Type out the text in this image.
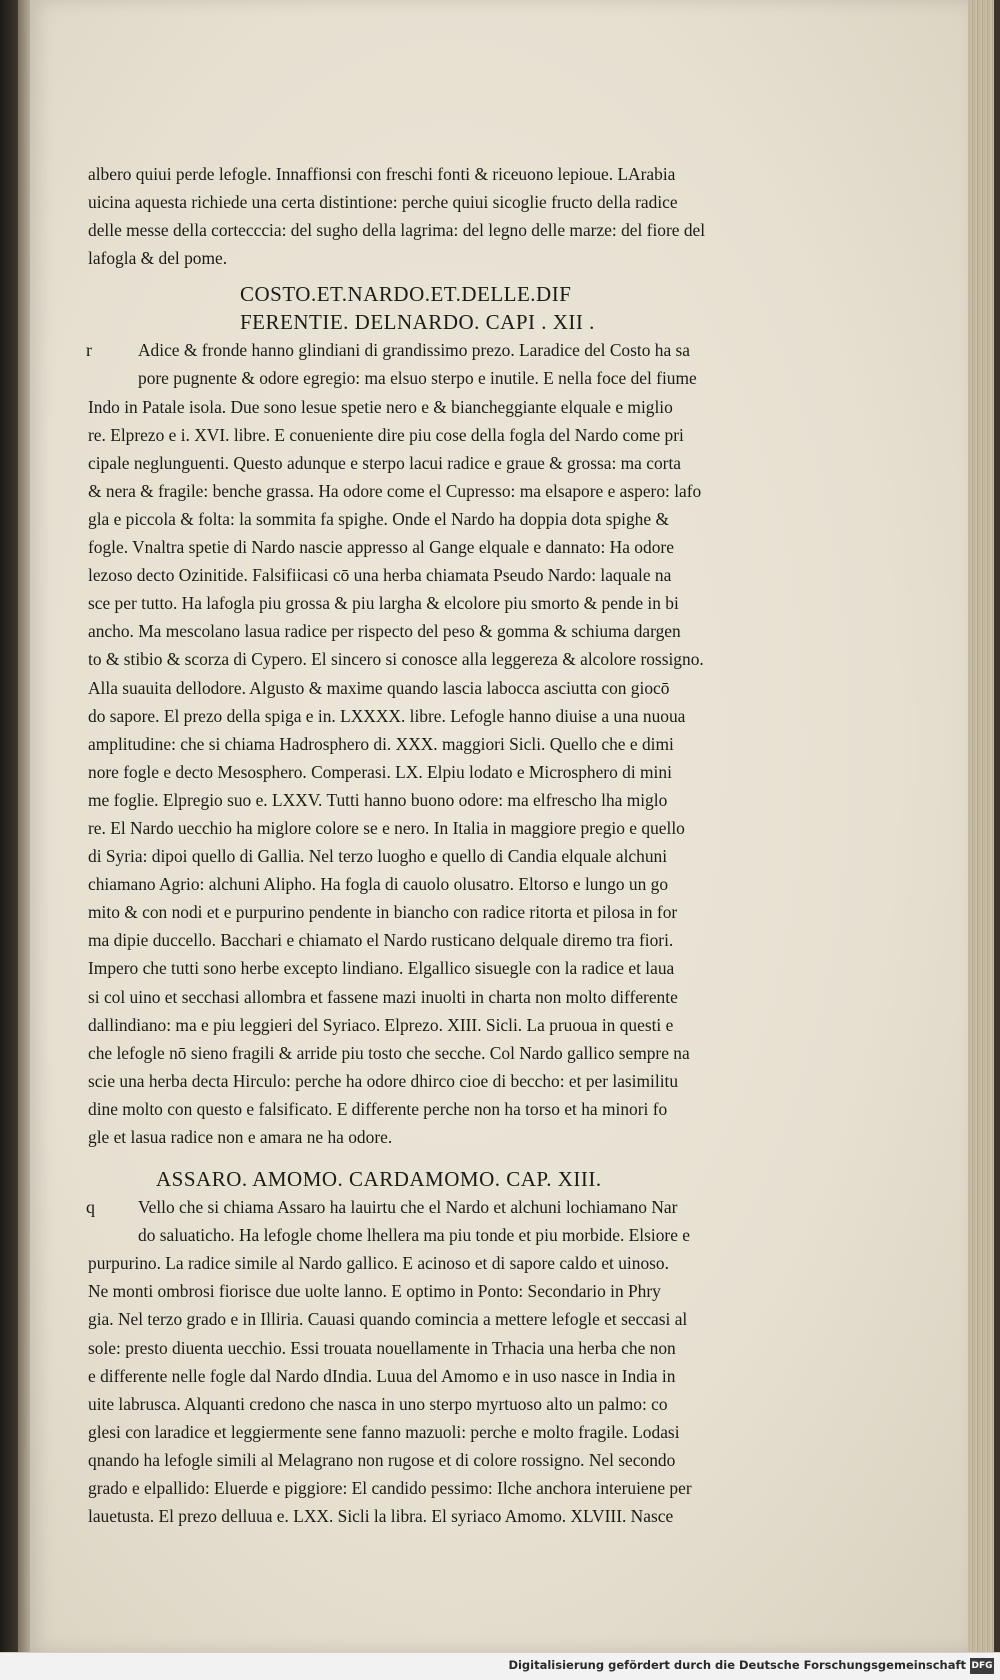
albero quiui perde lefogle. Innaffionsi con freschi fonti & riceuono lepioue. LArabia
uicina aquesta richiede una certa distintione: perche quiui sicoglie fructo della radice
delle messe della cortecccia: del sugho della lagrima: del legno delle marze: del fiore del
lafogla & del pome.
COSTO.ET.NARDO.ET.DELLE.DIF
FERENTIE. DELNARDO. CAPI . XII .
r	Adice & fronde hanno glindiani di grandissimo prezo. Laradice del Costo ha sa
pore pugnente & odore egregio: ma elsuo sterpo e inutile. E nella foce del fiume
Indo in Patale isola. Due sono lesue spetie nero e & biancheggiante elquale e miglio
re. Elprezo e i. XVI. libre. E conueniente dire piu cose della fogla del Nardo come pri
cipale neglunguenti. Questo adunque e sterpo lacui radice e graue & grossa: ma corta
& nera & fragile: benche grassa. Ha odore come el Cupresso: ma elsapore e aspero: lafo
gla e piccola & folta: la sommita fa spighe. Onde el Nardo ha doppia dota spighe &
fogle. Vnaltra spetie di Nardo nascie appresso al Gange elquale e dannato: Ha odore
lezoso decto Ozinitide. Falsifiicasi cō una herba chiamata Pseudo Nardo: laquale na
sce per tutto. Ha lafogla piu grossa & piu largha & elcolore piu smorto & pende in bi
ancho. Ma mescolano lasua radice per rispecto del peso & gomma & schiuma dargen
to & stibio & scorza di Cypero. El sincero si conosce alla leggereza & alcolore rossigno.
Alla suauita dellodore. Algusto & maxime quando lascia labocca asciutta con giocō
do sapore. El prezo della spiga e in. LXXXX. libre. Lefogle hanno diuise a una nuoua
amplitudine: che si chiama Hadrosphero di. XXX. maggiori Sicli. Quello che e dimi
nore fogle e decto Mesosphero. Comperasi. LX. Elpiu lodato e Microsphero di mini
me foglie. Elpregio suo e. LXXV. Tutti hanno buono odore: ma elfrescho lha miglo
re. El Nardo uecchio ha miglore colore se e nero. In Italia in maggiore pregio e quello
di Syria: dipoi quello di Gallia. Nel terzo luogho e quello di Candia elquale alchuni
chiamano Agrio: alchuni Alipho. Ha fogla di cauolo olusatro. Eltorso e lungo un go
mito & con nodi et e purpurino pendente in biancho con radice ritorta et pilosa in for
ma dipie duccello. Bacchari e chiamato el Nardo rusticano delquale diremo tra fiori.
Impero che tutti sono herbe excepto lindiano. Elgallico sisuegle con la radice et laua
si col uino et secchasi allombra et fassene mazi inuolti in charta non molto differente
dallindiano: ma e piu leggieri del Syriaco. Elprezo. XIII. Sicli. La pruoua in questi e
che lefogle nō sieno fragili & arride piu tosto che secche. Col Nardo gallico sempre na
scie una herba decta Hirculo: perche ha odore dhirco cioe di beccho: et per lasimilitu
dine molto con questo e falsificato. E differente perche non ha torso et ha minori fo
gle et lasua radice non e amara ne ha odore.
ASSARO. AMOMO. CARDAMOMO. CAP. XIII.
q	Vello che si chiama Assaro ha lauirtu che el Nardo et alchuni lochiamano Nar
do saluaticho. Ha lefogle chome lhellera ma piu tonde et piu morbide. Elsiore e
purpurino. La radice simile al Nardo gallico. E acinoso et di sapore caldo et uinoso.
Ne monti ombrosi fiorisce due uolte lanno. E optimo in Ponto: Secondario in Phry
gia. Nel terzo grado e in Illiria. Cauasi quando comincia a mettere lefogle et seccasi al
sole: presto diuenta uecchio. Essi trouata nouellamente in Trhacia una herba che non
e differente nelle fogle dal Nardo dIndia. Luua del Amomo e in uso nasce in India in
uite labrusca. Alquanti credono che nasca in uno sterpo myrtuoso alto un palmo: co
glesi con laradice et leggiermente sene fanno mazuoli: perche e molto fragile. Lodasi
qnando ha lefogle simili al Melagrano non rugose et di colore rossigno. Nel secondo
grado e elpallido: Eluerde e piggiore: El candido pessimo: Ilche anchora interuiene per
lauetusta. El prezo delluua e. LXX. Sicli la libra. El syriaco Amomo. XLVIII. Nasce
Digitalisierung gefördert durch die Deutsche Forschungsgemeinschaft DFG
